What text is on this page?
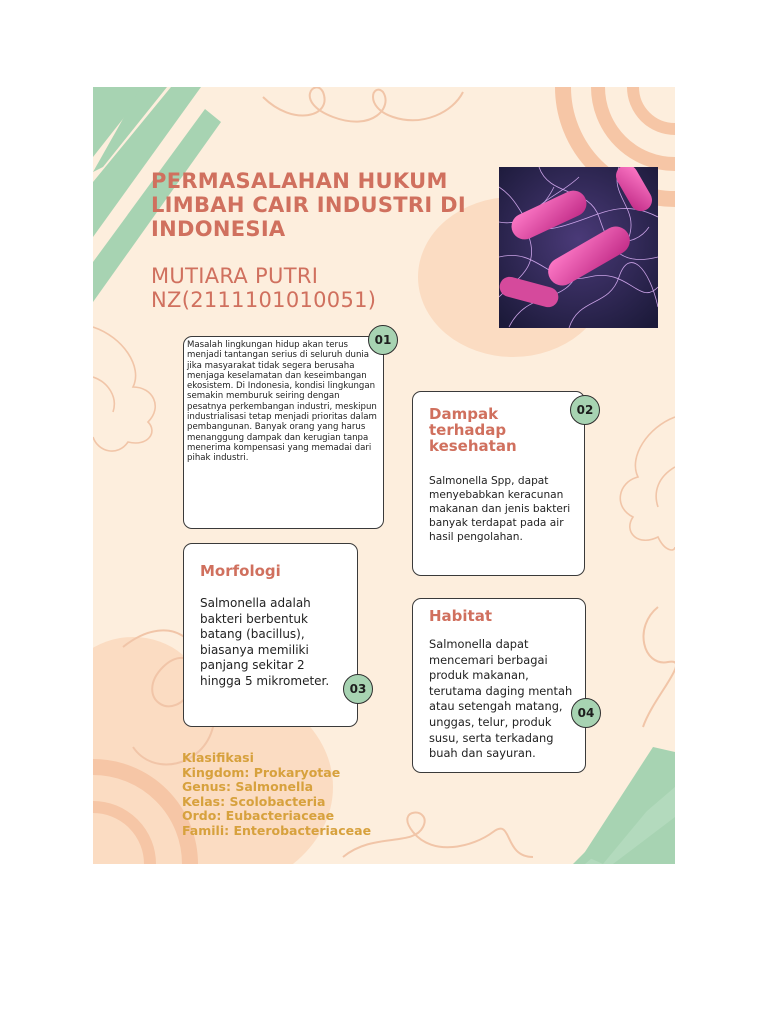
PERMASALAHAN HUKUM LIMBAH CAIR INDUSTRI DI INDONESIA
MUTIARA PUTRI
NZ(2111101010051)

Masalah lingkungan hidup akan terus menjadi tantangan serius di seluruh dunia jika masyarakat tidak segera berusaha menjaga keselamatan dan keseimbangan ekosistem. Di Indonesia, kondisi lingkungan semakin memburuk seiring dengan pesatnya perkembangan industri, meskipun industrialisasi tetap menjadi prioritas dalam pembangunan. Banyak orang yang harus menanggung dampak dan kerugian tanpa menerima kompensasi yang memadai dari pihak industri.

01
Dampak terhadap kesehatan

Salmonella Spp, dapat menyebabkan keracunan makanan dan jenis bakteri banyak terdapat pada air hasil pengolahan.

02
Morfologi

Salmonella adalah bakteri berbentuk batang (bacillus), biasanya memiliki panjang sekitar 2 hingga 5 mikrometer.

03
Habitat

Salmonella dapat mencemari berbagai produk makanan, terutama daging mentah atau setengah matang, unggas, telur, produk susu, serta terkadang buah dan sayuran.

04
Klasifikasi
Kingdom: Prokaryotae
Genus: Salmonella
Kelas: Scolobacteria
Ordo: Eubacteriaceae
Famili: Enterobacteriaceae
